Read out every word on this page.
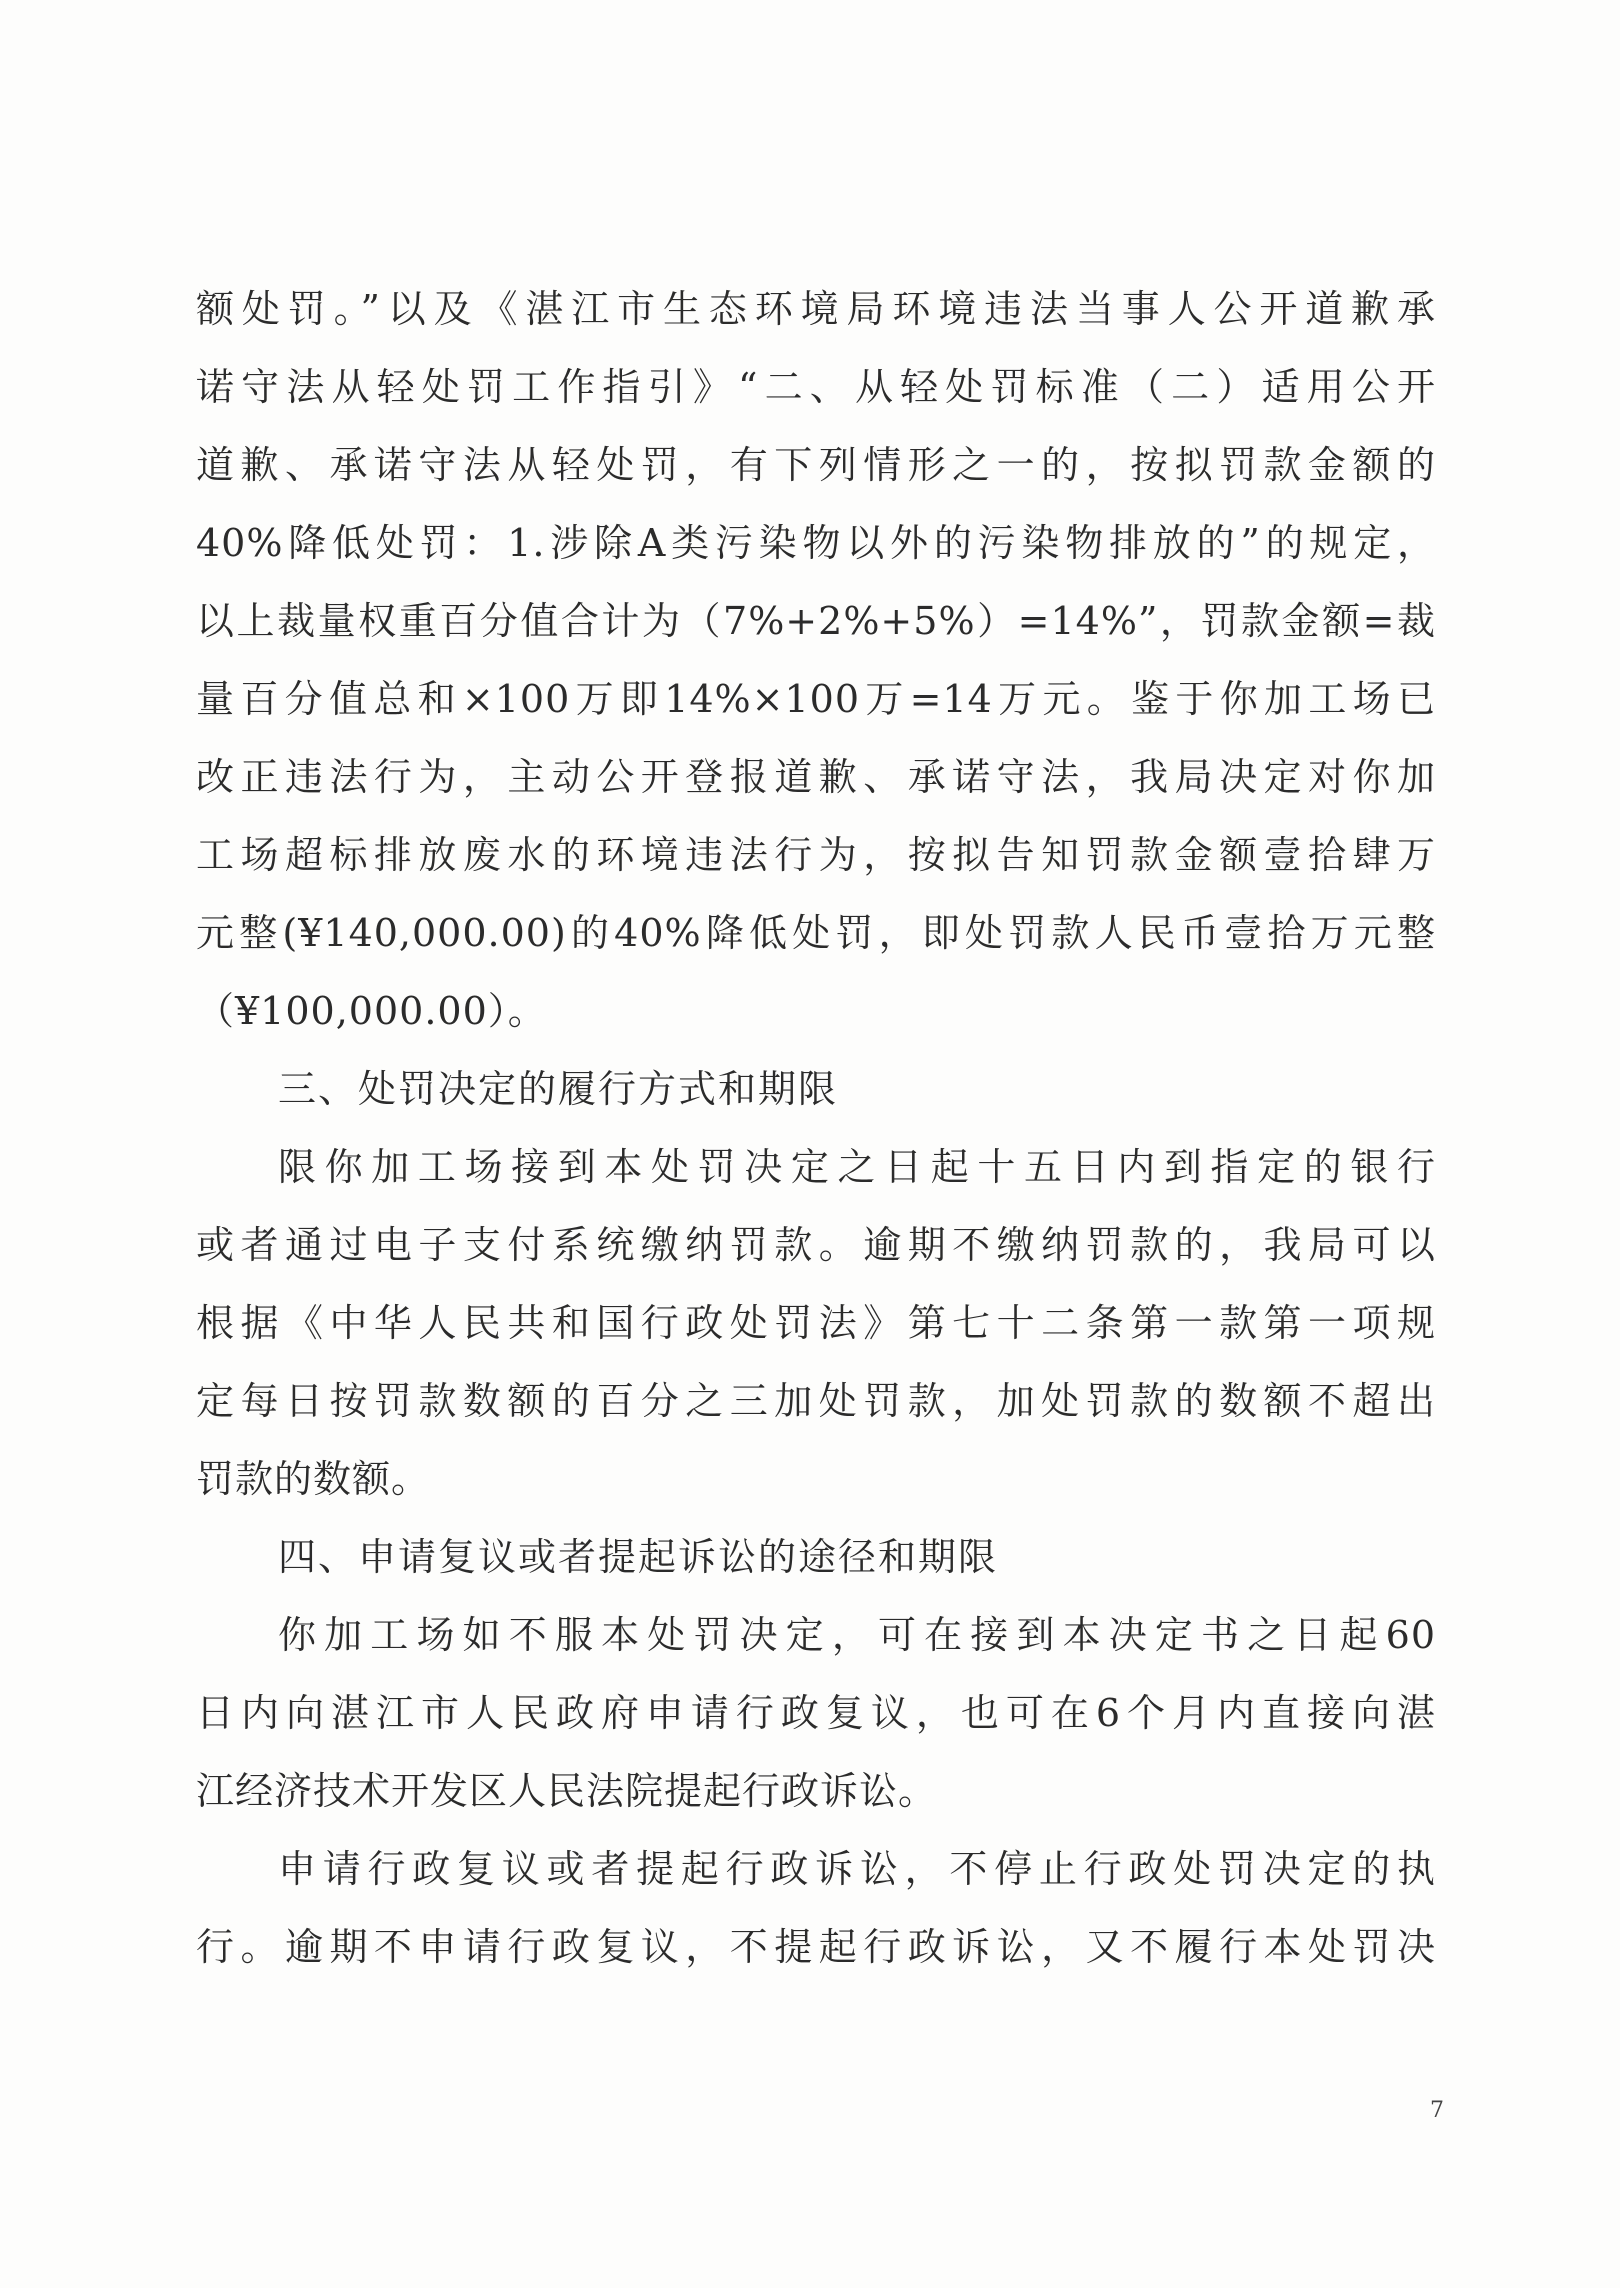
额处罚。”以及《湛江市生态环境局环境违法当事人公开道歉承
诺守法从轻处罚工作指引》“二、从轻处罚标准（二）适用公开
道歉、承诺守法从轻处罚，有下列情形之一的，按拟罚款金额的
40%降低处罚：1.涉除A类污染物以外的污染物排放的”的规定，
以上裁量权重百分值合计为（7%+2%+5%）=14%”，罚款金额=裁
量百分值总和×100万即14%×100万=14万元。鉴于你加工场已
改正违法行为，主动公开登报道歉、承诺守法，我局决定对你加
工场超标排放废水的环境违法行为，按拟告知罚款金额壹拾肆万
元整(¥140,000.00)的40%降低处罚，即处罚款人民币壹拾万元整
（¥100,000.00）。
三、处罚决定的履行方式和期限
限你加工场接到本处罚决定之日起十五日内到指定的银行
或者通过电子支付系统缴纳罚款。逾期不缴纳罚款的，我局可以
根据《中华人民共和国行政处罚法》第七十二条第一款第一项规
定每日按罚款数额的百分之三加处罚款，加处罚款的数额不超出
罚款的数额。
四、申请复议或者提起诉讼的途径和期限
你加工场如不服本处罚决定，可在接到本决定书之日起60
日内向湛江市人民政府申请行政复议，也可在6个月内直接向湛
江经济技术开发区人民法院提起行政诉讼。
申请行政复议或者提起行政诉讼，不停止行政处罚决定的执
行。逾期不申请行政复议，不提起行政诉讼，又不履行本处罚决
7
